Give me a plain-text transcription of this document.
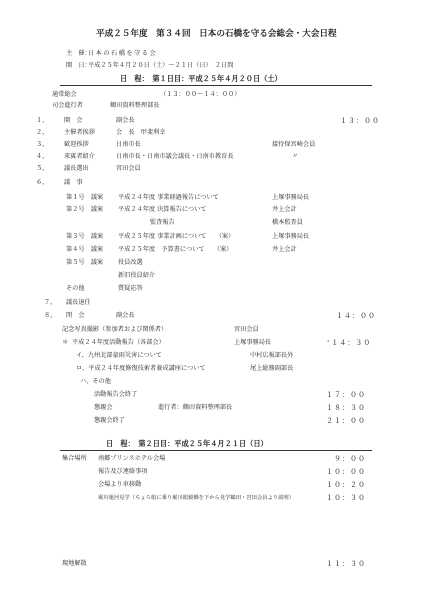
平成２５年度　第３４回　日本の石橋を守る会総会・大会日程
主　催：
日本の石橋を守る会
開　日：
平成２５年４月２０日（土）〜２１日（日）　２日間
日　程：　第１日目：平成２５年４月２０日（土）
通常総会	（１３：００〜１４：００）
司会進行者	鶴田資料整理部長
１，	開　会	副会長	１３：００
２，	主催者挨拶	会　長　甲斐利幸
３，	歓迎挨拶	日南市長	接待保宮崎会員
４，	来賓者紹介	日南市長・日南市議会議長・日南市教育長	〃
５，	議長選出	宮田会員
６，	議　事
第１号　議案 平成２４年度 事業経過報告について	上塚事務局長
第２号　議案 平成２４年度 決算報告について	井上会計
監査報告	橋本監査員
第３号　議案 平成２５年度 事業計画について　　（案）	上塚事務局長
第４号　議案 平成２５年度　予算書について　　（案）	井上会計
第５号　議案 役員改選
新旧役員紹介
その他	質疑応答
７， 議長退任
８， 閉　会	副会長	１４：００
記念写真撮影（参加者および関係者）	宮田会員
＊ 平成２４年度活動報告（各部会）	上塚事務局長	'１４：３０
イ、九州北部豪雨災害について	中村広報部長外
ロ、平成２４年度修復技術者養成講座について	尾上総務副部長
ハ、その他
活動報告会終了	１７：００
懇親会	進行者：鶴田資料整理部長	１８：３０
懇親会終了	２１：００
日　程：　第２日目：平成２５年４月２１日（日）
集合場所 南郷プリンスホテル会場	９：００
報告及び連絡事項	１０：００
会場より車移動	１０：２０
堀川運河見学（ちょろ船に乗り堀川眼鏡橋を下から見学鶴田・宮田会員より説明）	１０：３０
現地解散	１１：３０
